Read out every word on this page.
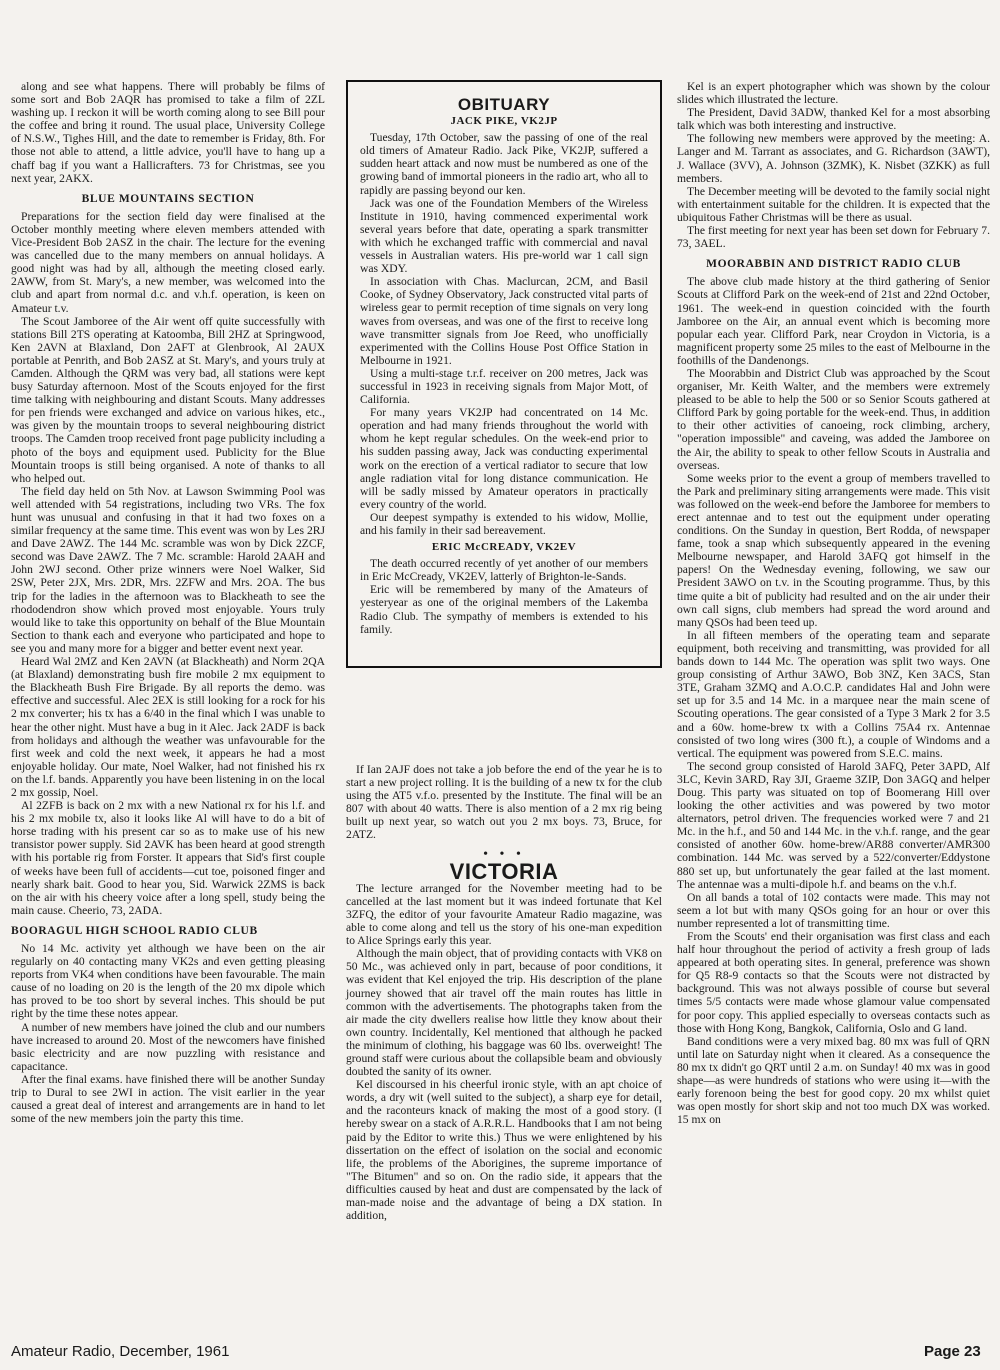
along and see what happens. There will probably be films of some sort and Bob 2AQR has promised to take a film of 2ZL washing up. I reckon it will be worth coming along to see Bill pour the coffee and bring it round. The usual place, University College of N.S.W., Tighes Hill, and the date to remember is Friday, 8th. For those not able to attend, a little advice, you'll have to hang up a chaff bag if you want a Hallicrafters. 73 for Christmas, see you next year, 2AKX.

BLUE MOUNTAINS SECTION

Preparations for the section field day were finalised at the October monthly meeting where eleven members attended with Vice-President Bob 2ASZ in the chair. The lecture for the evening was cancelled due to the many members on annual holidays. A good night was had by all, although the meeting closed early. 2AWW, from St. Mary's, a new member, was welcomed into the club and apart from normal d.c. and v.h.f. operation, is keen on Amateur t.v.

The Scout Jamboree of the Air went off quite successfully with stations Bill 2TS operating at Katoomba, Bill 2HZ at Springwood, Ken 2AVN at Blaxland, Don 2AFT at Glenbrook, Al 2AUX portable at Penrith, and Bob 2ASZ at St. Mary's, and yours truly at Camden. Although the QRM was very bad, all stations were kept busy Saturday afternoon. Most of the Scouts enjoyed for the first time talking with neighbouring and distant Scouts. Many addresses for pen friends were exchanged and advice on various hikes, etc., was given by the mountain troops to several neighbouring district troops. The Camden troop received front page publicity including a photo of the boys and equipment used. Publicity for the Blue Mountain troops is still being organised. A note of thanks to all who helped out.

The field day held on 5th Nov. at Lawson Swimming Pool was well attended with 54 registrations, including two VRs. The fox hunt was unusual and confusing in that it had two foxes on a similar frequency at the same time. This event was won by Les 2RJ and Dave 2AWZ. The 144 Mc. scramble was won by Dick 2ZCF, second was Dave 2AWZ. The 7 Mc. scramble: Harold 2AAH and John 2WJ second. Other prize winners were Noel Walker, Sid 2SW, Peter 2JX, Mrs. 2DR, Mrs. 2ZFW and Mrs. 2OA. The bus trip for the ladies in the afternoon was to Blackheath to see the rhododendron show which proved most enjoyable. Yours truly would like to take this opportunity on behalf of the Blue Mountain Section to thank each and everyone who participated and hope to see you and many more for a bigger and better event next year.

Heard Wal 2MZ and Ken 2AVN (at Blackheath) and Norm 2QA (at Blaxland) demonstrating bush fire mobile 2 mx equipment to the Blackheath Bush Fire Brigade. By all reports the demo. was effective and successful. Alec 2EX is still looking for a rock for his 2 mx converter; his tx has a 6/40 in the final which I was unable to hear the other night. Must have a bug in it Alec. Jack 2ADF is back from holidays and although the weather was unfavourable for the first week and cold the next week, it appears he had a most enjoyable holiday. Our mate, Noel Walker, had not finished his rx on the l.f. bands. Apparently you have been listening in on the local 2 mx gossip, Noel.

Al 2ZFB is back on 2 mx with a new National rx for his l.f. and his 2 mx mobile tx, also it looks like Al will have to do a bit of horse trading with his present car so as to make use of his new transistor power supply. Sid 2AVK has been heard at good strength with his portable rig from Forster. It appears that Sid's first couple of weeks have been full of accidents—cut toe, poisoned finger and nearly shark bait. Good to hear you, Sid. Warwick 2ZMS is back on the air with his cheery voice after a long spell, study being the main cause. Cheerio, 73, 2ADA.

BOORAGUL HIGH SCHOOL RADIO CLUB

No 14 Mc. activity yet although we have been on the air regularly on 40 contacting many VK2s and even getting pleasing reports from VK4 when conditions have been favourable. The main cause of no loading on 20 is the length of the 20 mx dipole which has proved to be too short by several inches. This should be put right by the time these notes appear.

A number of new members have joined the club and our numbers have increased to around 20. Most of the newcomers have finished basic electricity and are now puzzling with resistance and capacitance.

After the final exams. have finished there will be another Sunday trip to Dural to see 2WI in action. The visit earlier in the year caused a great deal of interest and arrangements are in hand to let some of the new members join the party this time.

OBITUARY
JACK PIKE, VK2JP

Tuesday, 17th October, saw the passing of one of the real old timers of Amateur Radio. Jack Pike, VK2JP, suffered a sudden heart attack and now must be numbered as one of the growing band of immortal pioneers in the radio art, who all to rapidly are passing beyond our ken.

Jack was one of the Foundation Members of the Wireless Institute in 1910, having commenced experimental work several years before that date, operating a spark transmitter with which he exchanged traffic with commercial and naval vessels in Australian waters. His pre-world war 1 call sign was XDY.

In association with Chas. Maclurcan, 2CM, and Basil Cooke, of Sydney Observatory, Jack constructed vital parts of wireless gear to permit reception of time signals on very long waves from overseas, and was one of the first to receive long wave transmitter signals from Joe Reed, who unofficially experimented with the Collins House Post Office Station in Melbourne in 1921.

Using a multi-stage t.r.f. receiver on 200 metres, Jack was successful in 1923 in receiving signals from Major Mott, of California.

For many years VK2JP had concentrated on 14 Mc. operation and had many friends throughout the world with whom he kept regular schedules. On the week-end prior to his sudden passing away, Jack was conducting experimental work on the erection of a vertical radiator to secure that low angle radiation vital for long distance communication. He will be sadly missed by Amateur operators in practically every country of the world.

Our deepest sympathy is extended to his widow, Mollie, and his family in their sad bereavement.

ERIC McCREADY, VK2EV

The death occurred recently of yet another of our members in Eric McCready, VK2EV, latterly of Brighton-le-Sands.

Eric will be remembered by many of the Amateurs of yesteryear as one of the original members of the Lakemba Radio Club. The sympathy of members is extended to his family.

If Ian 2AJF does not take a job before the end of the year he is to start a new project rolling. It is the building of a new tx for the club using the AT5 v.f.o. presented by the Institute. The final will be an 807 with about 40 watts. There is also mention of a 2 mx rig being built up next year, so watch out you 2 mx boys. 73, Bruce, for 2ATZ.

• • •
VICTORIA

The lecture arranged for the November meeting had to be cancelled at the last moment but it was indeed fortunate that Kel 3ZFQ, the editor of your favourite Amateur Radio magazine, was able to come along and tell us the story of his one-man expedition to Alice Springs early this year.

Although the main object, that of providing contacts with VK8 on 50 Mc., was achieved only in part, because of poor conditions, it was evident that Kel enjoyed the trip. His description of the plane journey showed that air travel off the main routes has little in common with the advertisements. The photographs taken from the air made the city dwellers realise how little they know about their own country. Incidentally, Kel mentioned that although he packed the minimum of clothing, his baggage was 60 lbs. overweight! The ground staff were curious about the collapsible beam and obviously doubted the sanity of its owner.

Kel discoursed in his cheerful ironic style, with an apt choice of words, a dry wit (well suited to the subject), a sharp eye for detail, and the raconteurs knack of making the most of a good story. (I hereby swear on a stack of A.R.R.L. Handbooks that I am not being paid by the Editor to write this.) Thus we were enlightened by his dissertation on the effect of isolation on the social and economic life, the problems of the Aborigines, the supreme importance of "The Bitumen" and so on. On the radio side, it appears that the difficulties caused by heat and dust are compensated by the lack of man-made noise and the advantage of being a DX station. In addition,

Kel is an expert photographer which was shown by the colour slides which illustrated the lecture.

The President, David 3ADW, thanked Kel for a most absorbing talk which was both interesting and instructive.

The following new members were approved by the meeting: A. Langer and M. Tarrant as associates, and G. Richardson (3AWT), J. Wallace (3VV), A. Johnson (3ZMK), K. Nisbet (3ZKK) as full members.

The December meeting will be devoted to the family social night with entertainment suitable for the children. It is expected that the ubiquitous Father Christmas will be there as usual.

The first meeting for next year has been set down for February 7. 73, 3AEL.

MOORABBIN AND DISTRICT RADIO CLUB

The above club made history at the third gathering of Senior Scouts at Clifford Park on the week-end of 21st and 22nd October, 1961. The week-end in question coincided with the fourth Jamboree on the Air, an annual event which is becoming more popular each year. Clifford Park, near Croydon in Victoria, is a magnificent property some 25 miles to the east of Melbourne in the foothills of the Dandenongs.

The Moorabbin and District Club was approached by the Scout organiser, Mr. Keith Walter, and the members were extremely pleased to be able to help the 500 or so Senior Scouts gathered at Clifford Park by going portable for the week-end. Thus, in addition to their other activities of canoeing, rock climbing, archery, "operation impossible" and caveing, was added the Jamboree on the Air, the ability to speak to other fellow Scouts in Australia and overseas.

Some weeks prior to the event a group of members travelled to the Park and preliminary siting arrangements were made. This visit was followed on the week-end before the Jamboree for members to erect antennae and to test out the equipment under operating conditions. On the Sunday in question, Bert Rodda, of newspaper fame, took a snap which subsequently appeared in the evening Melbourne newspaper, and Harold 3AFQ got himself in the papers! On the Wednesday evening, following, we saw our President 3AWO on t.v. in the Scouting programme. Thus, by this time quite a bit of publicity had resulted and on the air under their own call signs, club members had spread the word around and many QSOs had been teed up.

In all fifteen members of the operating team and separate equipment, both receiving and transmitting, was provided for all bands down to 144 Mc. The operation was split two ways. One group consisting of Arthur 3AWO, Bob 3NZ, Ken 3ACS, Stan 3TE, Graham 3ZMQ and A.O.C.P. candidates Hal and John were set up for 3.5 and 14 Mc. in a marquee near the main scene of Scouting operations. The gear consisted of a Type 3 Mark 2 for 3.5 and a 60w. home-brew tx with a Collins 75A4 rx. Antennae consisted of two long wires (300 ft.), a couple of Windoms and a vertical. The equipment was powered from S.E.C. mains.

The second group consisted of Harold 3AFQ, Peter 3APD, Alf 3LC, Kevin 3ARD, Ray 3JI, Graeme 3ZIP, Don 3AGQ and helper Doug. This party was situated on top of Boomerang Hill over looking the other activities and was powered by two motor alternators, petrol driven. The frequencies worked were 7 and 21 Mc. in the h.f., and 50 and 144 Mc. in the v.h.f. range, and the gear consisted of another 60w. home-brew/AR88 converter/AMR300 combination. 144 Mc. was served by a 522/converter/Eddystone 880 set up, but unfortunately the gear failed at the last moment. The antennae was a multi-dipole h.f. and beams on the v.h.f.

On all bands a total of 102 contacts were made. This may not seem a lot but with many QSOs going for an hour or over this number represented a lot of transmitting time.

From the Scouts' end their organisation was first class and each half hour throughout the period of activity a fresh group of lads appeared at both operating sites. In general, preference was shown for Q5 R8-9 contacts so that the Scouts were not distracted by background. This was not always possible of course but several times 5/5 contacts were made whose glamour value compensated for poor copy. This applied especially to overseas contacts such as those with Hong Kong, Bangkok, California, Oslo and G land.

Band conditions were a very mixed bag. 80 mx was full of QRN until late on Saturday night when it cleared. As a consequence the 80 mx tx didn't go QRT until 2 a.m. on Sunday! 40 mx was in good shape—as were hundreds of stations who were using it—with the early forenoon being the best for good copy. 20 mx whilst quiet was open mostly for short skip and not too much DX was worked. 15 mx on

Amateur Radio, December, 1961	Page 23
